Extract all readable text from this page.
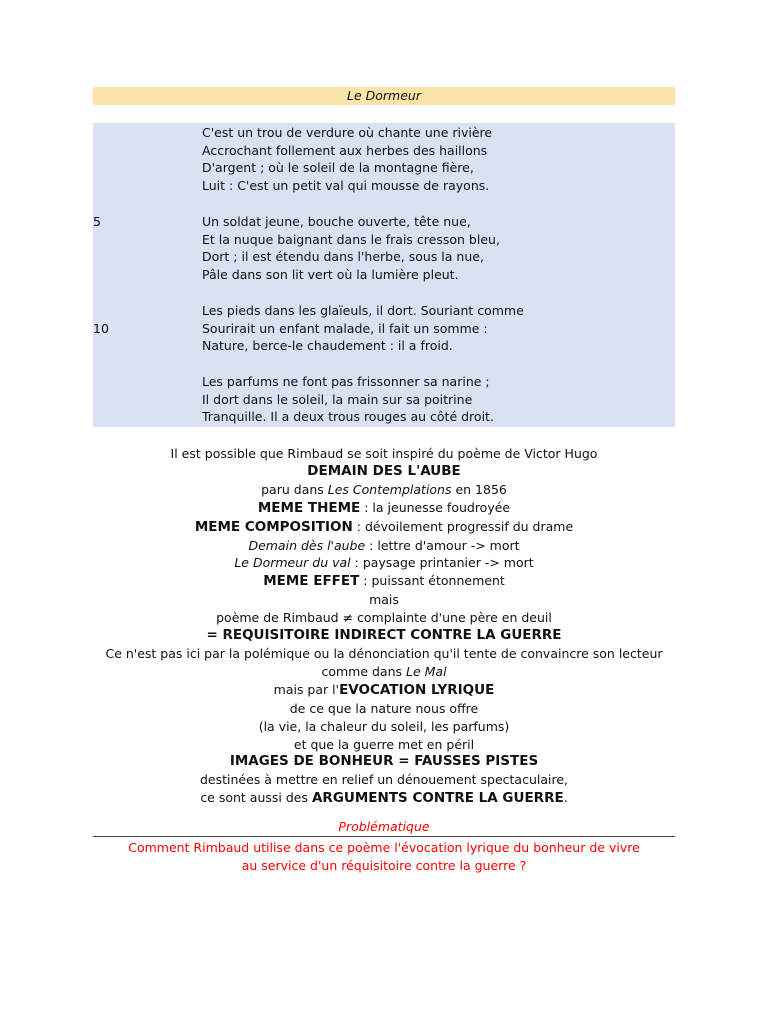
Le Dormeur
C'est un trou de verdure où chante une rivière
Accrochant follement aux herbes des haillons
D'argent ; où le soleil de la montagne fière,
Luit : C'est un petit val qui mousse de rayons.
5	Un soldat jeune, bouche ouverte, tête nue,
Et la nuque baignant dans le frais cresson bleu,
Dort ; il est étendu dans l'herbe, sous la nue,
Pâle dans son lit vert où la lumière pleut.
Les pieds dans les glaïeuls, il dort. Souriant comme
10	Sourirait un enfant malade, il fait un somme :
Nature, berce-le chaudement : il a froid.
Les parfums ne font pas frissonner sa narine ;
Il dort dans le soleil, la main sur sa poitrine
Tranquille. Il a deux trous rouges au côté droit.
Il est possible que Rimbaud se soit inspiré du poème de Victor Hugo
DEMAIN DES L'AUBE
paru dans Les Contemplations en 1856
MEME THEME : la jeunesse foudroyée
MEME COMPOSITION : dévoilement progressif du drame
Demain dès l'aube : lettre d'amour -> mort
Le Dormeur du val : paysage printanier -> mort
MEME EFFET : puissant étonnement
mais
poème de Rimbaud ≠ complainte d'une père en deuil
= REQUISITOIRE INDIRECT CONTRE LA GUERRE
Ce n'est pas ici par la polémique ou la dénonciation qu'il tente de convaincre son lecteur
comme dans Le Mal
mais par l'EVOCATION LYRIQUE
de ce que la nature nous offre
(la vie, la chaleur du soleil, les parfums)
et que la guerre met en péril
IMAGES DE BONHEUR = FAUSSES PISTES
destinées à mettre en relief un dénouement spectaculaire,
ce sont aussi des ARGUMENTS CONTRE LA GUERRE.
Problématique
Comment Rimbaud utilise dans ce poème l'évocation lyrique du bonheur de vivre
au service d'un réquisitoire contre la guerre ?
